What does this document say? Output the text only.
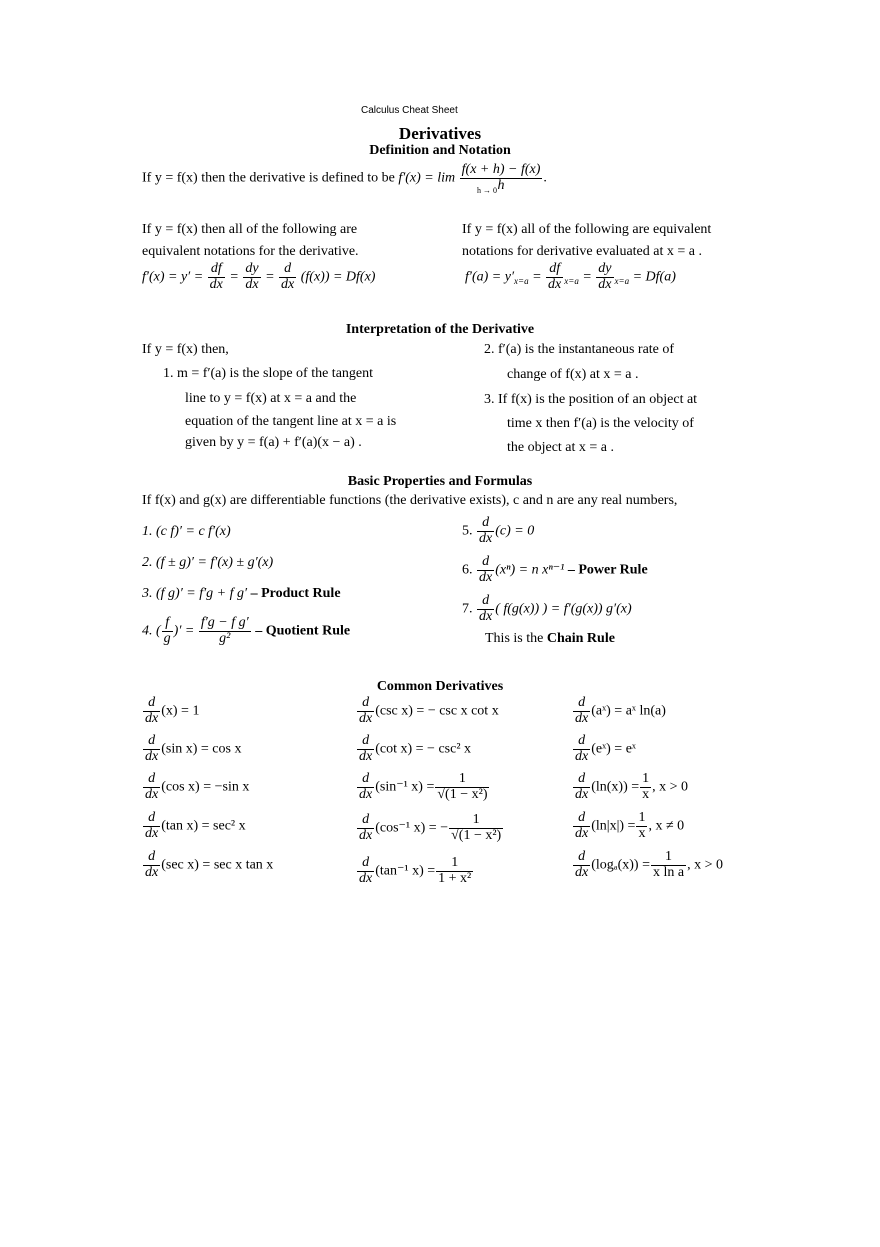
Calculus Cheat Sheet
Derivatives
Definition and Notation
If y = f(x) then the derivative is defined to be $f'(x) = \lim \frac{f(x + h) - f(x)}{h}$ .
h → 0
If y = f(x) then all of the following are
equivalent notations for the derivative.
$f'(x) = y' = \frac{df}{dx} = \frac{dy}{dx} = \frac{d}{dx} (f(x)) = Df(x)$
If y = f(x) all of the following are equivalent
notations for derivative evaluated at x = a .
$f'(a) = y'_{x=a} = \frac{df}{dx} _{x=a} = \frac{dy}{dx} _{x=a} = Df(a)$
Interpretation of the Derivative
If y = f(x) then,
1. m = f′(a) is the slope of the tangent
line to y = f(x) at x = a and the
equation of the tangent line at x = a is
given by y = f(a) + f′(a)(x − a) .
2. f′(a) is the instantaneous rate of
change of f(x) at x = a .
3. If f(x) is the position of an object at
time x then f′(a) is the velocity of
the object at x = a .
Basic Properties and Formulas
If f(x) and g(x) are differentiable functions (the derivative exists), c and n are any real numbers,
1. (c f)′ = c f′(x)
2. (f ± g)′ = f′(x) ± g′(x)
3. (f g)′ = f′g + f g′ – Product Rule
4. ( $\frac{f}{g}$ )′ = $\frac{\text{f′g − f g′}}{\text{g²}}$ – Quotient Rule
5. $\frac{d}{dx} (c) = 0$
6. $\frac{d}{dx} (x^n) = n$ xⁿ⁻¹ – Power Rule
7. $\frac{d}{dx}$ ( f(g(x)) ) = f′(g(x)) g′(x)
This is the Chain Rule
Common Derivatives
$\frac{d}{dx} (x) = 1$
$\frac{d}{dx} (\sin$ x) = cos x
$\frac{d}{dx} (\cos$ x) = −sin x
$\frac{d}{dx} (\tan$ x) = sec² x
$\frac{d}{dx} (\sec$ x) = sec x tan x
$\frac{d}{dx} (\csc$ x) = − csc x cot x
$\frac{d}{dx} (\cot$ x) = − csc² x
$\frac{d}{dx} (\sin^{-1}$ $x) = \frac{1}{\text{√(1 − x²)}}$
$\frac{d}{dx} (\cos^{-1}$ x) = − $\frac{1}{\text{√(1 − x²)}}$
$\frac{d}{dx} (\tan^{-1}$ $x) = \frac{1}{\text{1 + x²}}$
$\frac{d}{dx}$ (aˣ) = aˣ ln(a)
$\frac{d}{dx}$ (eˣ) = eˣ
$\frac{d}{dx} (\ln(x)) = \frac{1}{x}$ , x > 0
$\frac{d}{dx} (\ln|x|) = \frac{1}{x}$ , x ≠ 0
$\frac{d}{dx} (\log_a(x)) = \frac{1}{\text{x ln a}}$ , x > 0
